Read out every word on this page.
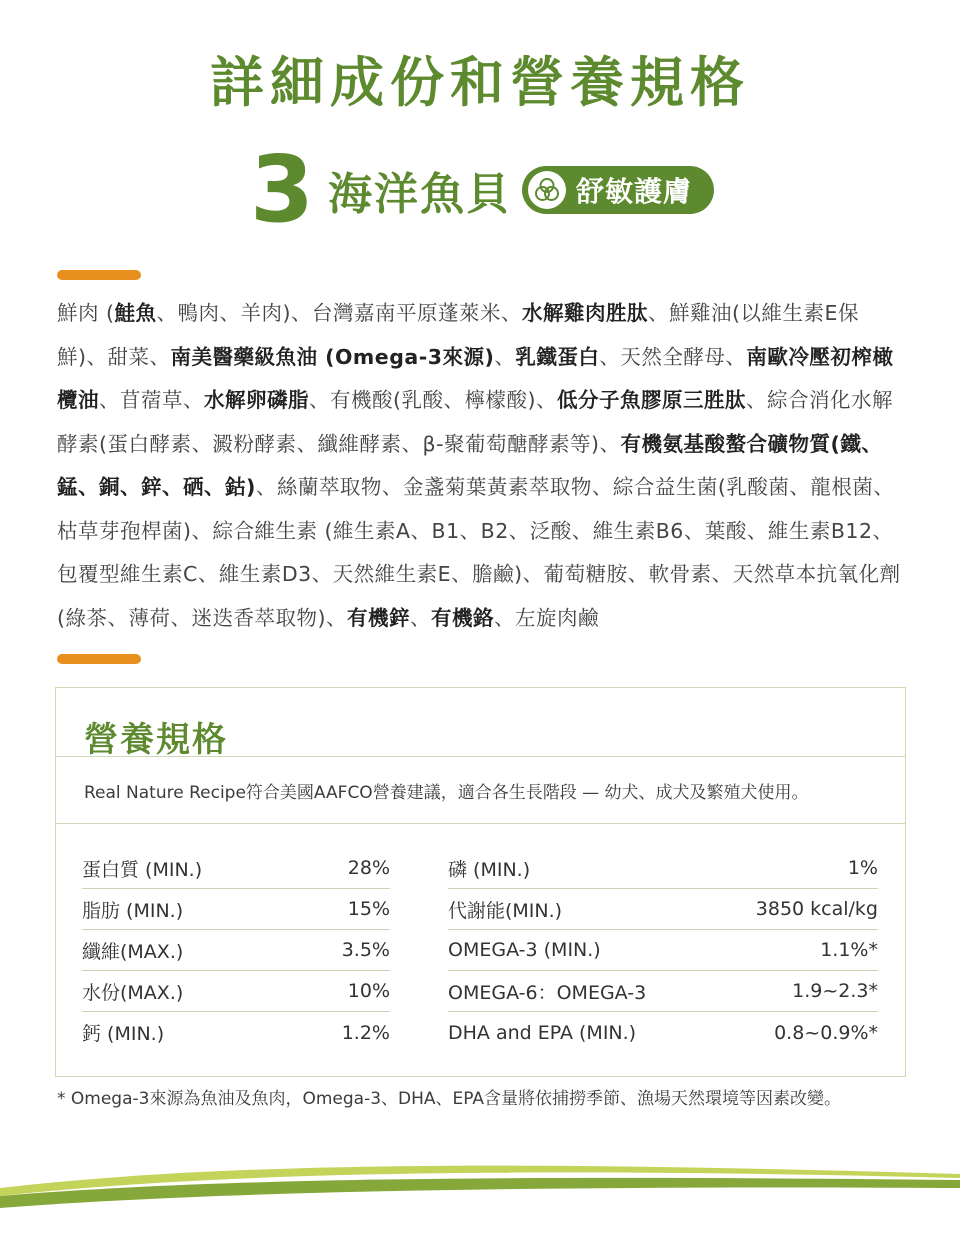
詳細成份和營養規格
3 海洋魚貝 舒敏護膚

鮮肉 (鮭魚、鴨肉、羊肉)、台灣嘉南平原蓬萊米、水解雞肉胜肽、鮮雞油(以維生素E保鮮)、甜菜、南美醫藥級魚油 (Omega-3來源)、乳鐵蛋白、天然全酵母、南歐冷壓初榨橄欖油、苜蓿草、水解卵磷脂、有機酸(乳酸、檸檬酸)、低分子魚膠原三胜肽、綜合消化水解酵素(蛋白酵素、澱粉酵素、纖維酵素、β-聚葡萄醣酵素等)、有機氨基酸螯合礦物質(鐵、錳、銅、鋅、硒、鈷)、絲蘭萃取物、金盞菊葉黃素萃取物、綜合益生菌(乳酸菌、龍根菌、枯草芽孢桿菌)、綜合維生素 (維生素A、B1、B2、泛酸、維生素B6、葉酸、維生素B12、包覆型維生素C、維生素D3、天然維生素E、膽鹼)、葡萄糖胺、軟骨素、天然草本抗氧化劑 (綠茶、薄荷、迷迭香萃取物)、有機鋅、有機鉻、左旋肉鹼

營養規格
Real Nature Recipe符合美國AAFCO營養建議，適合各生長階段 — 幼犬、成犬及繁殖犬使用。
蛋白質 (MIN.)	28%
脂肪 (MIN.)	15%
纖維(MAX.)	3.5%
水份(MAX.)	10%
鈣 (MIN.)	1.2%
磷 (MIN.)	1%
代謝能(MIN.)	3850 kcal/kg
OMEGA-3 (MIN.)	1.1%*
OMEGA-6：OMEGA-3	1.9~2.3*
DHA and EPA (MIN.)	0.8~0.9%*

* Omega-3來源為魚油及魚肉，Omega-3、DHA、EPA含量將依捕撈季節、漁場天然環境等因素改變。
